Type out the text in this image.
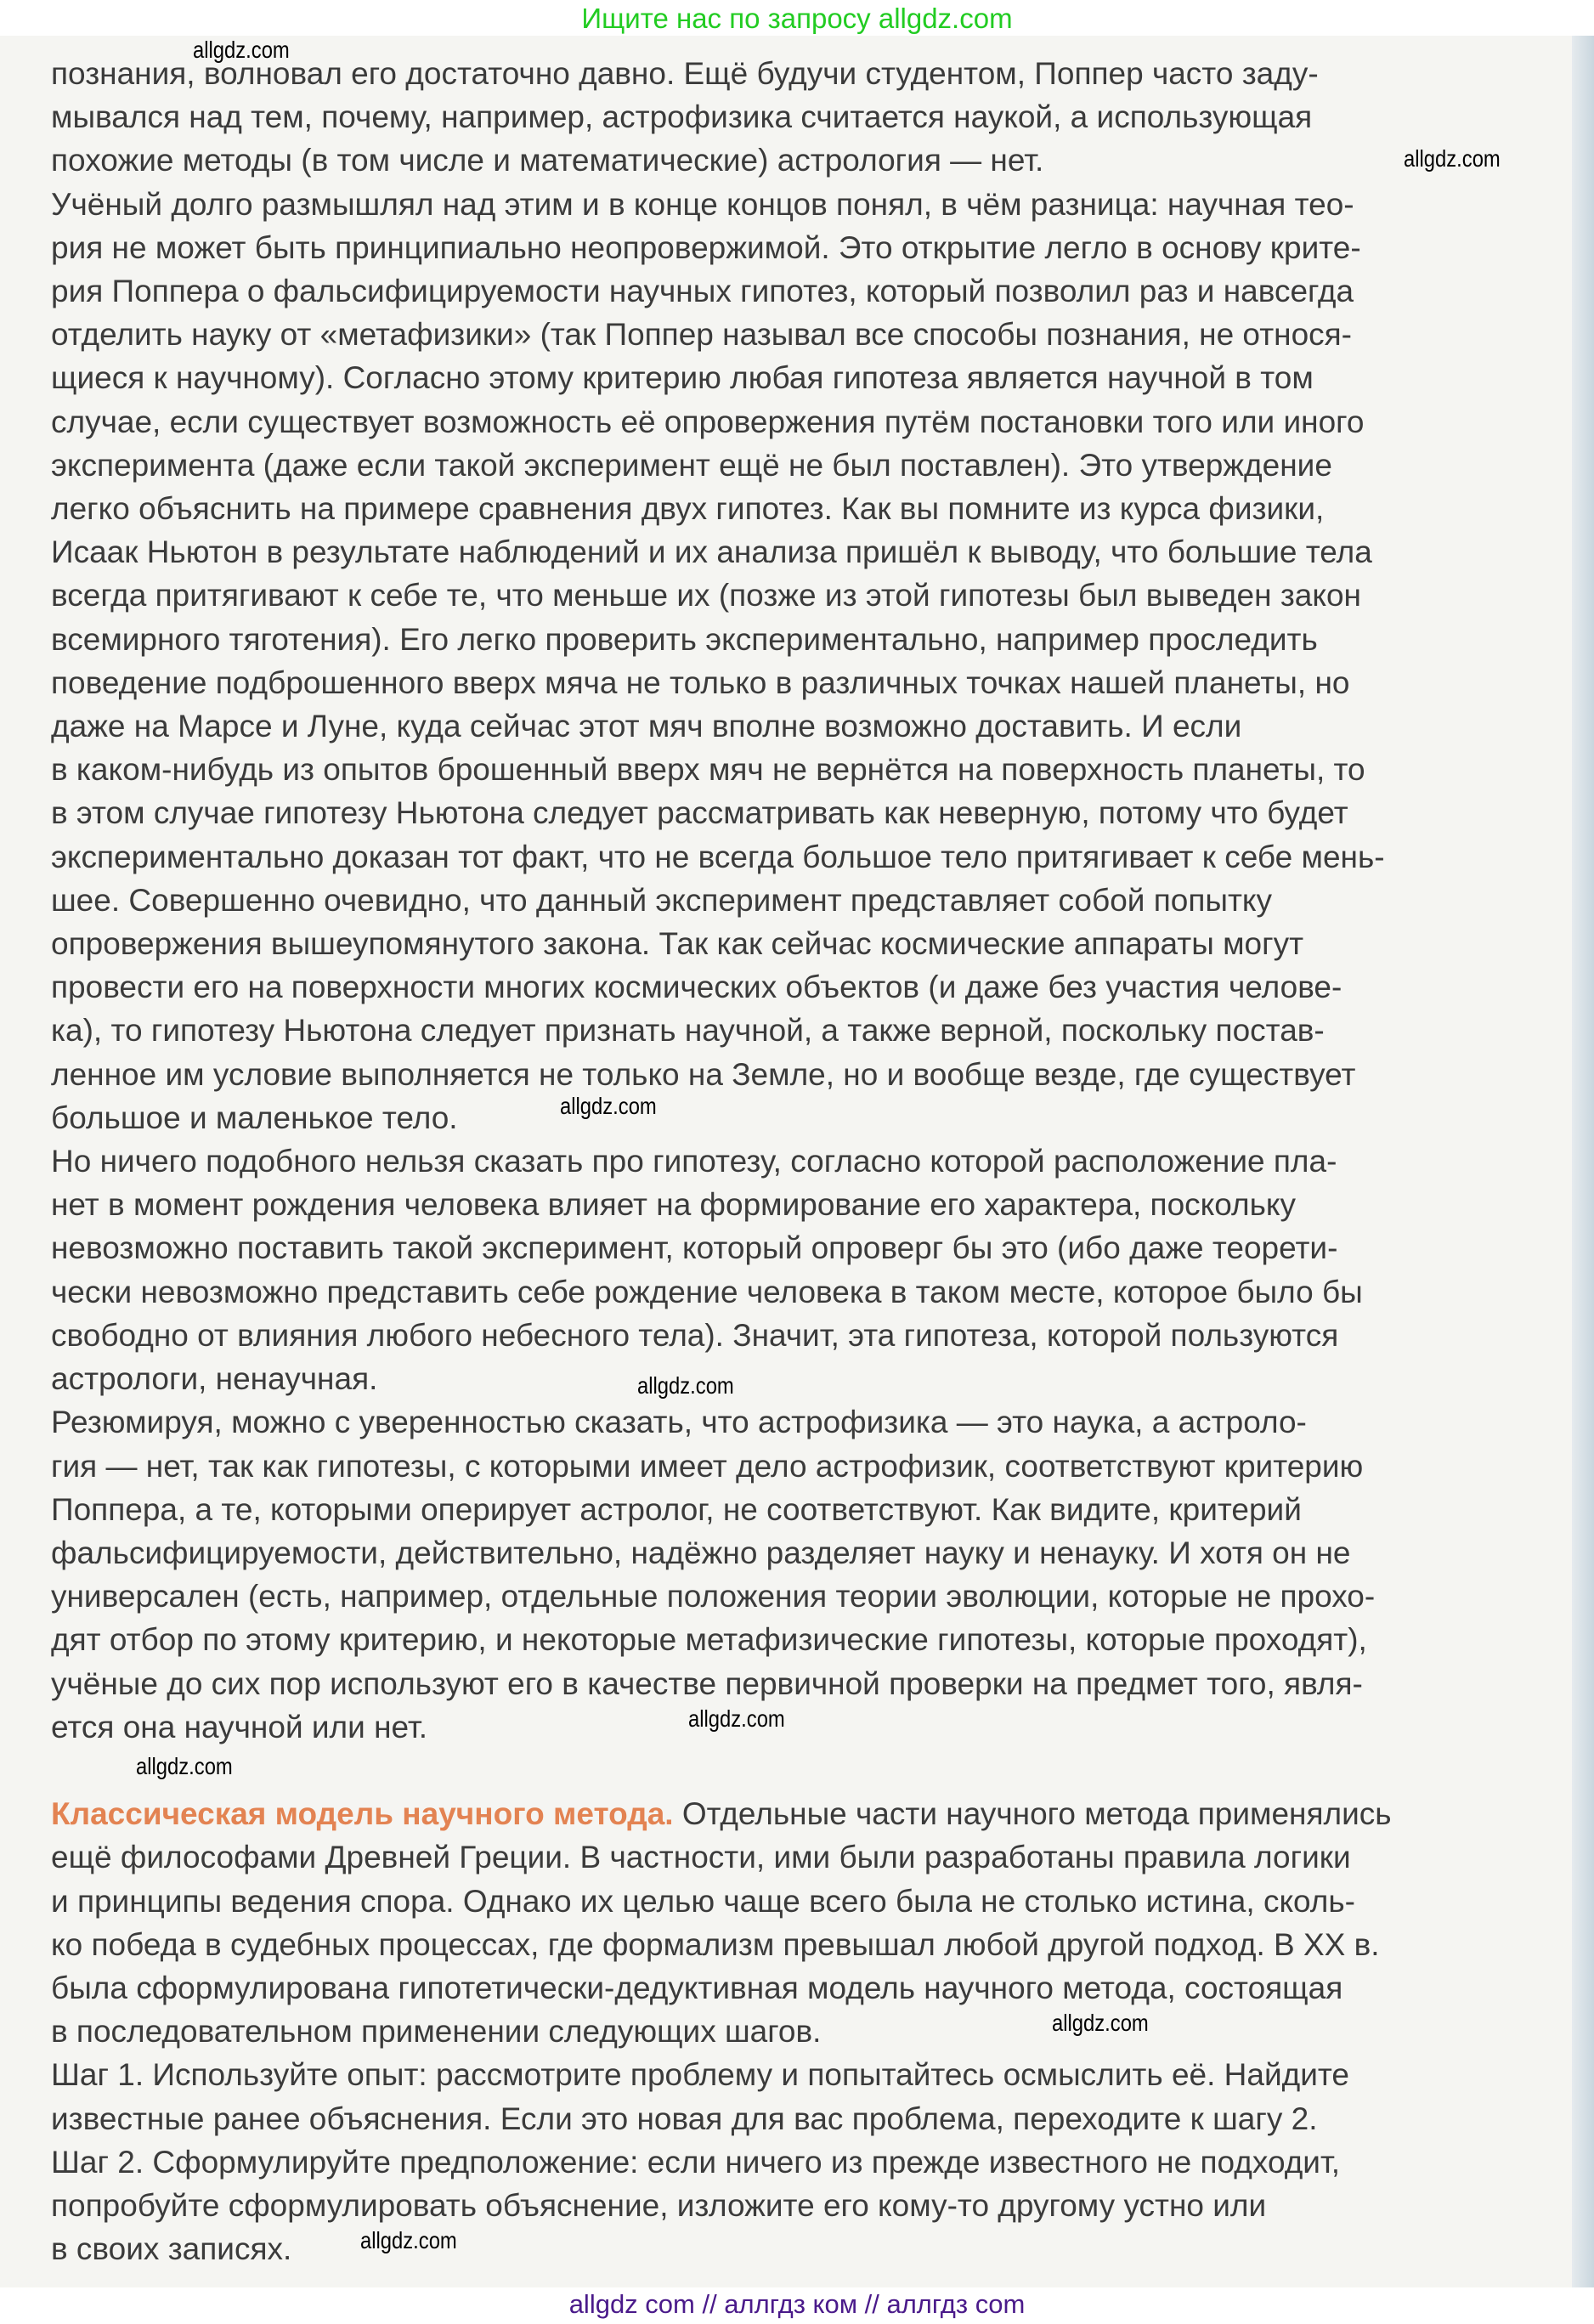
Ищите нас по запросу allgdz.com
познания, волновал его достаточно давно. Ещё будучи студентом, Поппер часто заду-
мывался над тем, почему, например, астрофизика считается наукой, а использующая
похожие методы (в том числе и математические) астрология — нет.
Учёный долго размышлял над этим и в конце концов понял, в чём разница: научная тео-
рия не может быть принципиально неопровержимой. Это открытие легло в основу крите-
рия Поппера о фальсифицируемости научных гипотез, который позволил раз и навсегда
отделить науку от «метафизики» (так Поппер называл все способы познания, не относя-
щиеся к научному). Согласно этому критерию любая гипотеза является научной в том
случае, если существует возможность её опровержения путём постановки того или иного
эксперимента (даже если такой эксперимент ещё не был поставлен). Это утверждение
легко объяснить на примере сравнения двух гипотез. Как вы помните из курса физики,
Исаак Ньютон в результате наблюдений и их анализа пришёл к выводу, что большие тела
всегда притягивают к себе те, что меньше их (позже из этой гипотезы был выведен закон
всемирного тяготения). Его легко проверить экспериментально, например проследить
поведение подброшенного вверх мяча не только в различных точках нашей планеты, но
даже на Марсе и Луне, куда сейчас этот мяч вполне возможно доставить. И если
в каком-нибудь из опытов брошенный вверх мяч не вернётся на поверхность планеты, то
в этом случае гипотезу Ньютона следует рассматривать как неверную, потому что будет
экспериментально доказан тот факт, что не всегда большое тело притягивает к себе мень-
шее. Совершенно очевидно, что данный эксперимент представляет собой попытку
опровержения вышеупомянутого закона. Так как сейчас космические аппараты могут
провести его на поверхности многих космических объектов (и даже без участия челове-
ка), то гипотезу Ньютона следует признать научной, а также верной, поскольку постав-
ленное им условие выполняется не только на Земле, но и вообще везде, где существует
большое и маленькое тело.
Но ничего подобного нельзя сказать про гипотезу, согласно которой расположение пла-
нет в момент рождения человека влияет на формирование его характера, поскольку
невозможно поставить такой эксперимент, который опроверг бы это (ибо даже теорети-
чески невозможно представить себе рождение человека в таком месте, которое было бы
свободно от влияния любого небесного тела). Значит, эта гипотеза, которой пользуются
астрологи, ненаучная.
Резюмируя, можно с уверенностью сказать, что астрофизика — это наука, а астроло-
гия — нет, так как гипотезы, с которыми имеет дело астрофизик, соответствуют критерию
Поппера, а те, которыми оперирует астролог, не соответствуют. Как видите, критерий
фальсифицируемости, действительно, надёжно разделяет науку и ненауку. И хотя он не
универсален (есть, например, отдельные положения теории эволюции, которые не прохо-
дят отбор по этому критерию, и некоторые метафизические гипотезы, которые проходят),
учёные до сих пор используют его в качестве первичной проверки на предмет того, явля-
ется она научной или нет.
Классическая модель научного метода. Отдельные части научного метода применялись
ещё философами Древней Греции. В частности, ими были разработаны правила логики
и принципы ведения спора. Однако их целью чаще всего была не столько истина, сколь-
ко победа в судебных процессах, где формализм превышал любой другой подход. В XX в.
была сформулирована гипотетически-дедуктивная модель научного метода, состоящая
в последовательном применении следующих шагов.
Шаг 1. Используйте опыт: рассмотрите проблему и попытайтесь осмыслить её. Найдите
известные ранее объяснения. Если это новая для вас проблема, переходите к шагу 2.
Шаг 2. Сформулируйте предположение: если ничего из прежде известного не подходит,
попробуйте сформулировать объяснение, изложите его кому-то другому устно или
в своих записях.
allgdz.com
allgdz.com
allgdz.com
allgdz.com
allgdz.com
allgdz.com
allgdz.com
allgdz.com
allgdz com // аллгдз ком // аллгдз com
